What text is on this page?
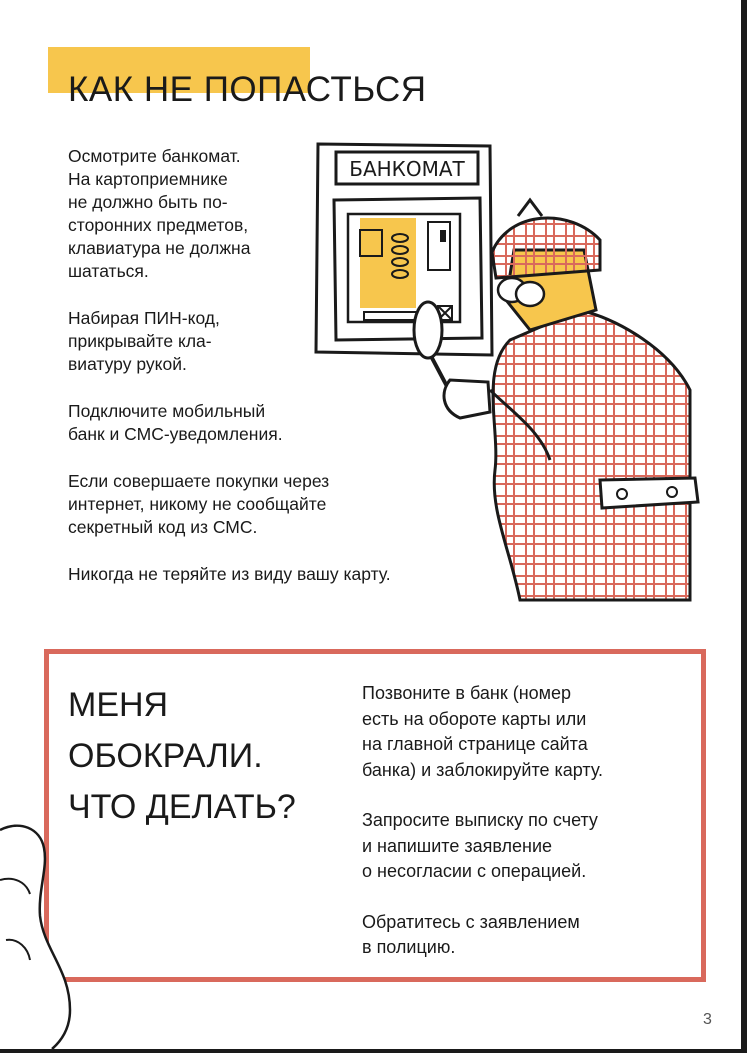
КАК НЕ ПОПАСТЬСЯ

Осмотрите банкомат.
На картоприемнике
не должно быть по-
сторонних предметов,
клавиатура не должна
шататься.

Набирая ПИН-код,
прикрывайте кла-
виатуру рукой.

Подключите мобильный
банк и СМС-уведомления.

Если совершаете покупки через
интернет, никому не сообщайте
секретный код из СМС.

Никогда не теряйте из виду вашу карту.

БАНКОМАТ
МЕНЯ
ОБОКРАЛИ.
ЧТО ДЕЛАТЬ?

Позвоните в банк (номер
есть на обороте карты или
на главной странице сайта
банка) и заблокируйте карту.

Запросите выписку по счету
и напишите заявление
о несогласии с операцией.

Обратитесь с заявлением
в полицию.

3
